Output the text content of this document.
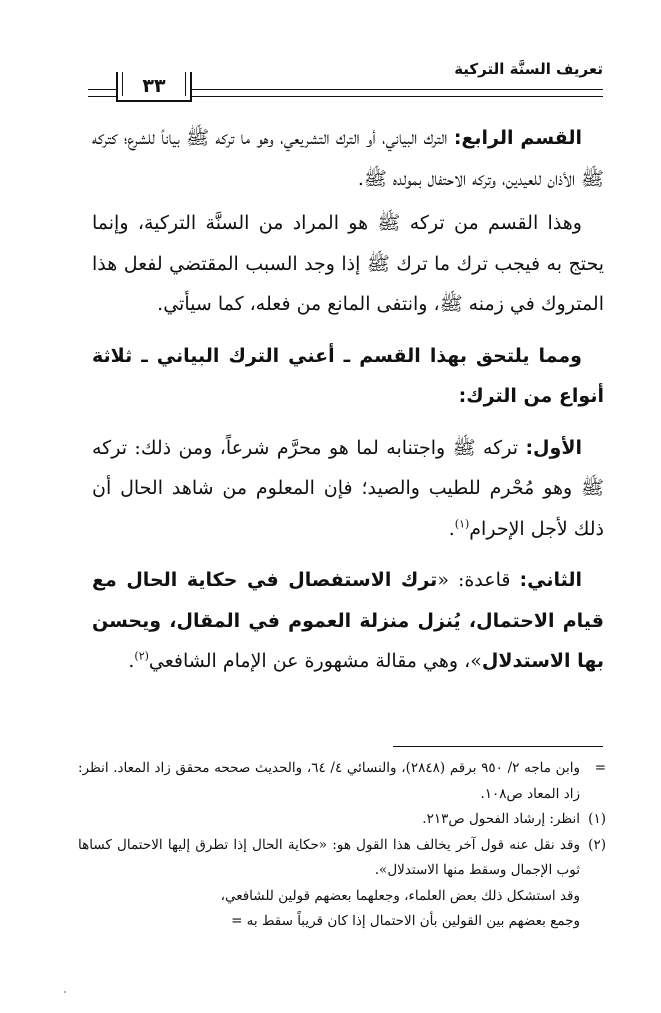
تعريف السنَّة التركية
٣٣

القسم الرابع: الترك البياني، أو الترك التشريعي، وهو ما تركه ﷺ بياناً للشرع؛ كتركه ﷺ الأذان للعيدين، وتركه الاحتفال بمولده ﷺ.

وهذا القسم من تركه ﷺ هو المراد من السنَّة التركية، وإنما يحتج به فيجب ترك ما ترك ﷺ إذا وجد السبب المقتضي لفعل هذا المتروك في زمنه ﷺ، وانتفى المانع من فعله، كما سيأتي.

ومما يلتحق بهذا القسم ـ أعني الترك البياني ـ ثلاثة أنواع من الترك:

الأول: تركه ﷺ واجتنابه لما هو محرَّم شرعاً، ومن ذلك: تركه ﷺ وهو مُحْرم للطيب والصيد؛ فإن المعلوم من شاهد الحال أن ذلك لأجل الإحرام$^{(١)}$.

الثاني: قاعدة: «ترك الاستفصال في حكاية الحال مع قيام الاحتمال، يُنزل منزلة العموم في المقال، ويحسن بها الاستدلال»، وهي مقالة مشهورة عن الإمام الشافعي$^{(٢)}$.

=
وابن ماجه ٢/ ٩٥٠ برقم (٢٨٤٨)، والنسائي ٤/ ٦٤، والحديث صححه محقق زاد المعاد. انظر: زاد المعاد ص١٠٨.
(١)
انظر: إرشاد الفحول ص٢١٣.
(٢)
وقد نقل عنه قول آخر يخالف هذا القول هو: «حكاية الحال إذا تطرق إليها الاحتمال كساها ثوب الإجمال وسقط منها الاستدلال».
وقد استشكل ذلك بعض العلماء، وجعلهما بعضهم قولين للشافعي،
وجمع بعضهم بين القولين بأن الاحتمال إذا كان قريباً سقط به =
